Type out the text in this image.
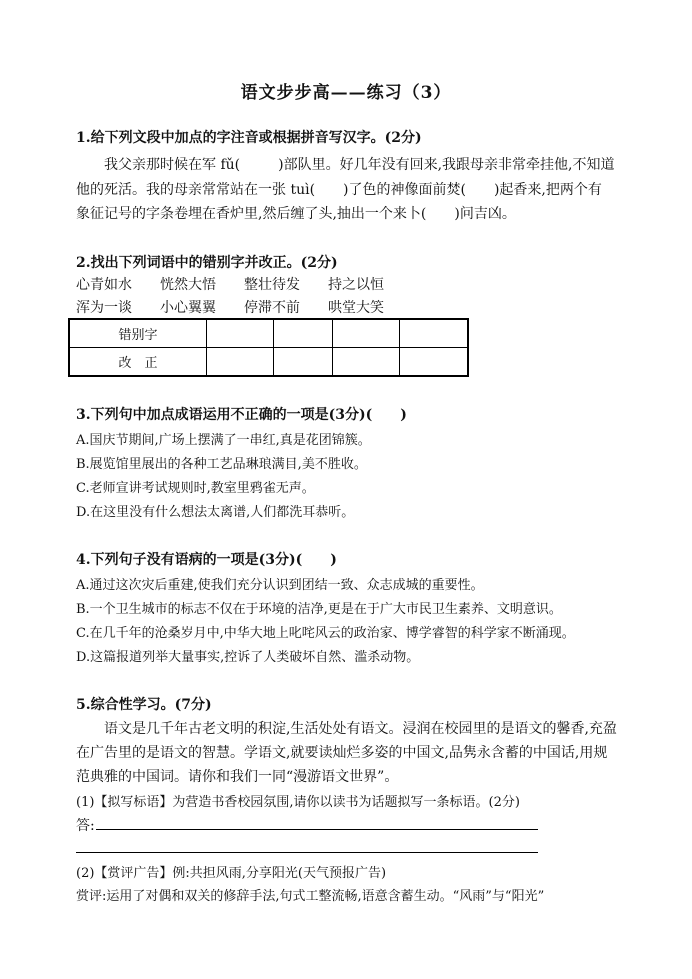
语文步步高——练习（3）
1.给下列文段中加点的字注音或根据拼音写汉字。(2分)
我父亲那时候在军 fǔ(	)部队里。好几年没有回来,我跟母亲非常牵挂他,不知道
他的死活。我的母亲常常站在一张 tuì(　　)了色的神像面前焚(　　)起香来,把两个有
象征记号的字条卷埋在香炉里,然后缠了头,抽出一个来卜(　　)问吉凶。
2.找出下列词语中的错别字并改正。(2分)
心青如水 恍然大悟 整壮待发 持之以恒
浑为一谈 小心翼翼 停滞不前 哄堂大笑
错别字				
改　正				
3.下列句中加点成语运用不正确的一项是(3分)(　　)
A.国庆节期间,广场上摆满了一串红,真是花团锦簇。
B.展览馆里展出的各种工艺品琳琅满目,美不胜收。
C.老师宣讲考试规则时,教室里鸦雀无声。
D.在这里没有什么想法太离谱,人们都洗耳恭听。
4.下列句子没有语病的一项是(3分)(　　)
A.通过这次灾后重建,使我们充分认识到团结一致、众志成城的重要性。
B.一个卫生城市的标志不仅在于环境的洁净,更是在于广大市民卫生素养、文明意识。
C.在几千年的沧桑岁月中,中华大地上叱咤风云的政治家、博学睿智的科学家不断涌现。
D.这篇报道列举大量事实,控诉了人类破坏自然、滥杀动物。
5.综合性学习。(7分)
语文是几千年古老文明的积淀,生活处处有语文。浸润在校园里的是语文的馨香,充盈
在广告里的是语文的智慧。学语文,就要读灿烂多姿的中国文,品隽永含蓄的中国话,用规
范典雅的中国词。请你和我们一同“漫游语文世界”。
(1)【拟写标语】为营造书香校园氛围,请你以读书为话题拟写一条标语。(2分)
答:
(2)【赏评广告】例:共担风雨,分享阳光(天气预报广告)
赏评:运用了对偶和双关的修辞手法,句式工整流畅,语意含蓄生动。“风雨”与“阳光”
